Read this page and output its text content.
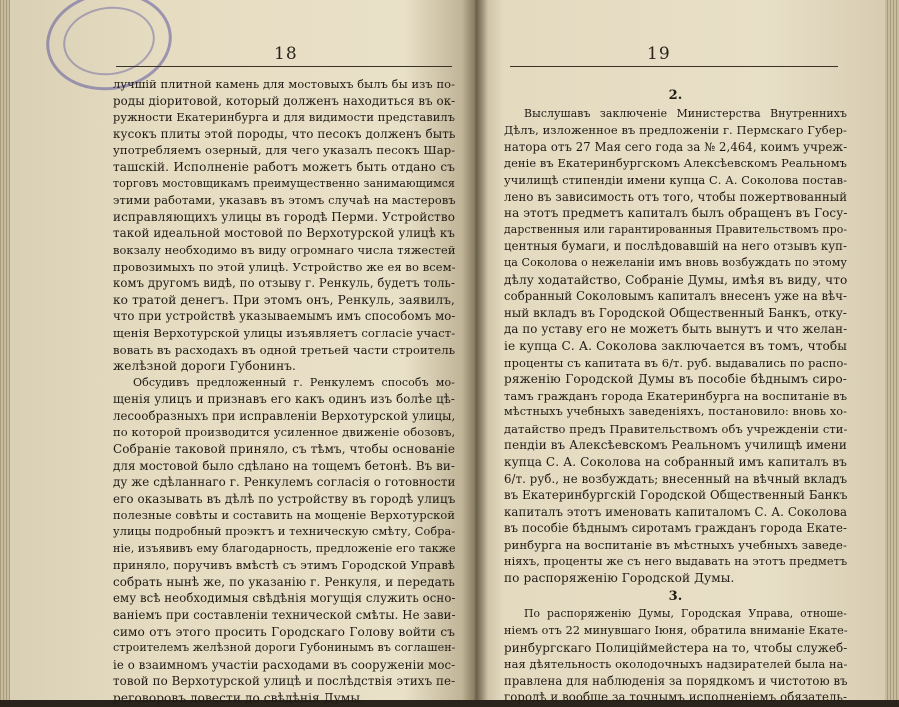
18
лучшiй плитной камень для мостовыхъ былъ бы изъ по-
роды дiоритовой, который долженъ находиться въ ок-
ружности Екатеринбурга и для видимости представилъ
кусокъ плиты этой породы, что песокъ долженъ быть
употребляемъ озерный, для чего указалъ песокъ Шар-
ташскiй. Исполненiе работъ можетъ быть отдано съ
торговъ мостовщикамъ преимущественно занимающимся
этими работами, указавъ въ этомъ случаѣ на мастеровъ
исправляющихъ улицы въ городѣ Перми. Устройство
такой идеальной мостовой по Верхотурской улицѣ къ
вокзалу необходимо въ виду огромнаго числа тяжестей
провозимыхъ по этой улицѣ. Устройство же ея во всем-
комъ другомъ видѣ, по отзыву г. Ренкуль, будетъ толь-
ко тратой денегъ. При этомъ онъ, Ренкуль, заявилъ,
что при устройствѣ указываемымъ имъ способомъ мо-
щенiя Верхотурской улицы изъявляетъ согласiе участ-
вовать въ расходахъ въ одной третьей части строитель
желѣзной дороги Губонинъ.
Обсудивъ предложенный г. Ренкулемъ способъ мо-
щенiя улицъ и признавъ его какъ одинъ изъ болѣе цѣ-
лесообразныхъ при исправленiи Верхотурской улицы,
по которой производится усиленное движенiе обозовъ,
Собранiе таковой приняло, съ тѣмъ, чтобы основанiе
для мостовой было сдѣлано на тощемъ бетонѣ. Въ ви-
ду же сдѣланнаго г. Ренкулемъ согласiя о готовности
его оказывать въ дѣлѣ по устройству въ городѣ улицъ
полезные совѣты и составить на мощенiе Верхотурской
улицы подробный проэктъ и техническую смѣту, Собра-
нiе, изъявивъ ему благодарность, предложенiе его также
приняло, поручивъ вмѣстѣ съ этимъ Городской Управѣ
собрать нынѣ же, по указанiю г. Ренкуля, и передать
ему всѣ необходимыя свѣдѣнiя могущiя служить осно-
ванiемъ при составленiи технической смѣты. Не зави-
симо отъ этого просить Городскаго Голову войти съ
строителемъ желѣзной дороги Губонинымъ въ соглашен-
iе о взаимномъ участiи расходами въ сооруженiи мос-
товой по Верхотурской улицѣ и послѣдствiя этихъ пе-
реговоровъ довести до свѣдѣнiя Думы.
19
2.
Выслушавъ заключенiе Министерства Внутреннихъ
Дѣлъ, изложенное въ предложенiи г. Пермскаго Губер-
натора отъ 27 Мая сего года за № 2,464, коимъ учреж-
денiе въ Екатеринбургскомъ Алексѣевскомъ Реальномъ
училищѣ стипендiи имени купца С. А. Соколова постав-
лено въ зависимость отъ того, чтобы пожертвованный
на этотъ предметъ капиталъ былъ обращенъ въ Госу-
дарственныя или гарантированныя Правительствомъ про-
центныя бумаги, и послѣдовавшiй на него отзывъ куп-
ца Соколова о нежеланiи имъ вновь возбуждать по этому
дѣлу ходатайство, Собранiе Думы, имѣя въ виду, что
собранный Соколовымъ капиталъ внесенъ уже на вѣч-
ный вкладъ въ Городской Общественный Банкъ, отку-
да по уставу его не можетъ быть вынутъ и что желан-
iе купца С. А. Соколова заключается въ томъ, чтобы
проценты съ капитата въ 6/т. руб. выдавались по распо-
ряженiю Городской Думы въ пособiе бѣднымъ сиро-
тамъ гражданъ города Екатеринбурга на воспитанiе въ
мѣстныхъ учебныхъ заведенiяхъ, постановило: вновь хо-
датайство предъ Правительствомъ объ учрежденiи сти-
пендiи въ Алексѣевскомъ Реальномъ училищѣ имени
купца С. А. Соколова на собранный имъ капиталъ въ
6/т. руб., не возбуждать; внесенный на вѣчный вкладъ
въ Екатеринбургскiй Городской Общественный Банкъ
капиталъ этотъ именовать капиталомъ С. А. Соколова
въ пособiе бѣднымъ сиротамъ гражданъ города Екате-
ринбурга на воспитанiе въ мѣстныхъ учебныхъ заведе-
нiяхъ, проценты же съ него выдавать на этотъ предметъ
по распоряженiю Городской Думы.
3.
По распоряженiю Думы, Городская Управа, отноше-
нiемъ отъ 22 минувшаго Iюня, обратила вниманiе Екате-
ринбургскаго Полицiймейстера на то, чтобы служеб-
ная дѣятельность околодочныхъ надзирателей была на-
правлена для наблюденiя за порядкомъ и чистотою въ
городѣ и вообще за точнымъ исполненiемъ обязатель-
